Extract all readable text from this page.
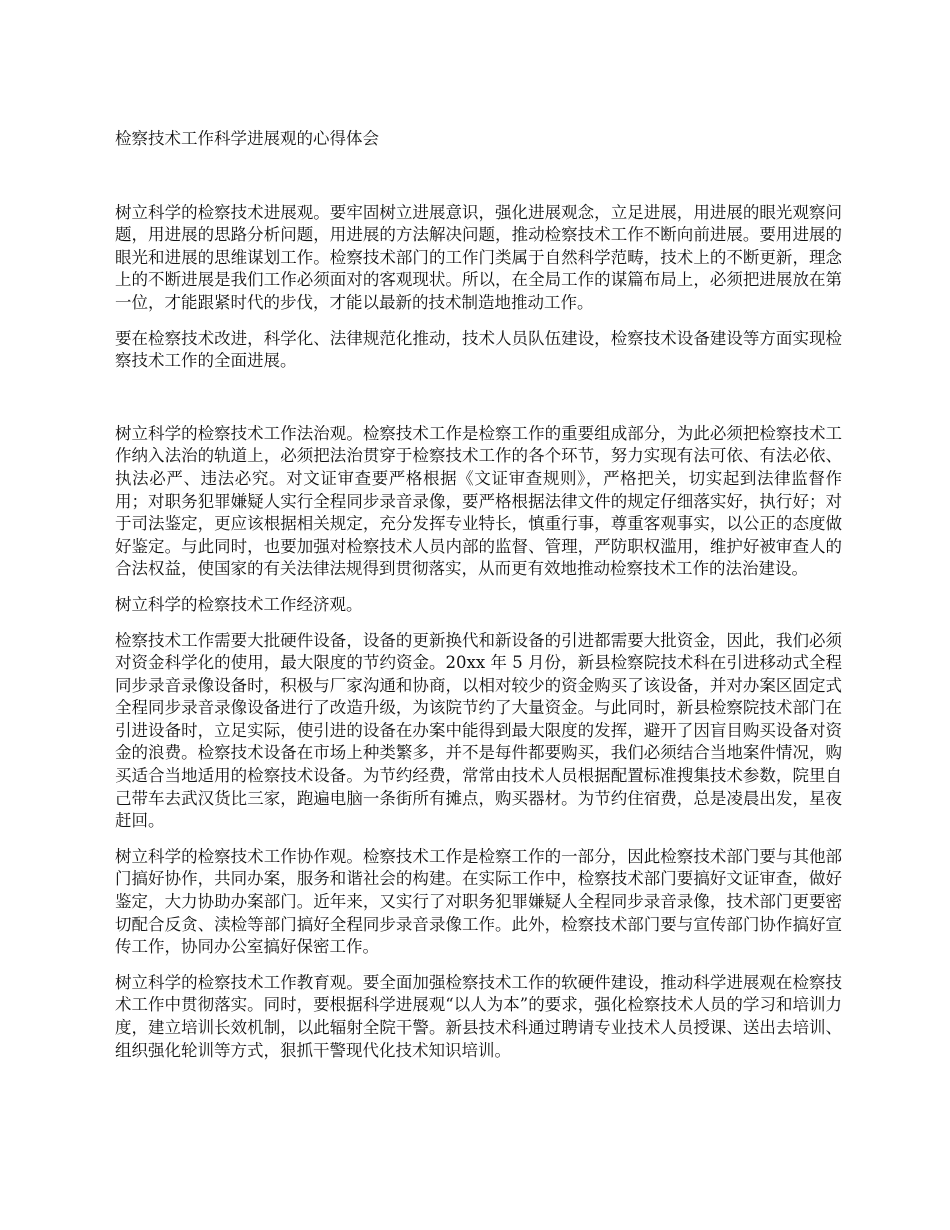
检察技术工作科学进展观的心得体会

树立科学的检察技术进展观。要牢固树立进展意识，强化进展观念，立足进展，用进展的眼光观察问题，用进展的思路分析问题，用进展的方法解决问题，推动检察技术工作不断向前进展。要用进展的眼光和进展的思维谋划工作。检察技术部门的工作门类属于自然科学范畴，技术上的不断更新，理念上的不断进展是我们工作必须面对的客观现状。所以，在全局工作的谋篇布局上，必须把进展放在第一位，才能跟紧时代的步伐，才能以最新的技术制造地推动工作。

要在检察技术改进，科学化、法律规范化推动，技术人员队伍建设，检察技术设备建设等方面实现检察技术工作的全面进展。

树立科学的检察技术工作法治观。检察技术工作是检察工作的重要组成部分，为此必须把检察技术工作纳入法治的轨道上，必须把法治贯穿于检察技术工作的各个环节，努力实现有法可依、有法必依、执法必严、违法必究。对文证审查要严格根据《文证审查规则》，严格把关，切实起到法律监督作用；对职务犯罪嫌疑人实行全程同步录音录像，要严格根据法律文件的规定仔细落实好，执行好；对于司法鉴定，更应该根据相关规定，充分发挥专业特长，慎重行事，尊重客观事实，以公正的态度做好鉴定。与此同时，也要加强对检察技术人员内部的监督、管理，严防职权滥用，维护好被审查人的合法权益，使国家的有关法律法规得到贯彻落实，从而更有效地推动检察技术工作的法治建设。

树立科学的检察技术工作经济观。

检察技术工作需要大批硬件设备，设备的更新换代和新设备的引进都需要大批资金，因此，我们必须对资金科学化的使用，最大限度的节约资金。20xx 年 5 月份，新县检察院技术科在引进移动式全程同步录音录像设备时，积极与厂家沟通和协商，以相对较少的资金购买了该设备，并对办案区固定式全程同步录音录像设备进行了改造升级，为该院节约了大量资金。与此同时，新县检察院技术部门在引进设备时，立足实际，使引进的设备在办案中能得到最大限度的发挥，避开了因盲目购买设备对资金的浪费。检察技术设备在市场上种类繁多，并不是每件都要购买，我们必须结合当地案件情况，购买适合当地适用的检察技术设备。为节约经费，常常由技术人员根据配置标准搜集技术参数，院里自己带车去武汉货比三家，跑遍电脑一条街所有摊点，购买器材。为节约住宿费，总是凌晨出发，星夜赶回。

树立科学的检察技术工作协作观。检察技术工作是检察工作的一部分，因此检察技术部门要与其他部门搞好协作，共同办案，服务和谐社会的构建。在实际工作中，检察技术部门要搞好文证审查，做好鉴定，大力协助办案部门。近年来，又实行了对职务犯罪嫌疑人全程同步录音录像，技术部门更要密切配合反贪、渎检等部门搞好全程同步录音录像工作。此外，检察技术部门要与宣传部门协作搞好宣传工作，协同办公室搞好保密工作。

树立科学的检察技术工作教育观。要全面加强检察技术工作的软硬件建设，推动科学进展观在检察技术工作中贯彻落实。同时，要根据科学进展观“以人为本”的要求，强化检察技术人员的学习和培训力度，建立培训长效机制，以此辐射全院干警。新县技术科通过聘请专业技术人员授课、送出去培训、组织强化轮训等方式，狠抓干警现代化技术知识培训。
